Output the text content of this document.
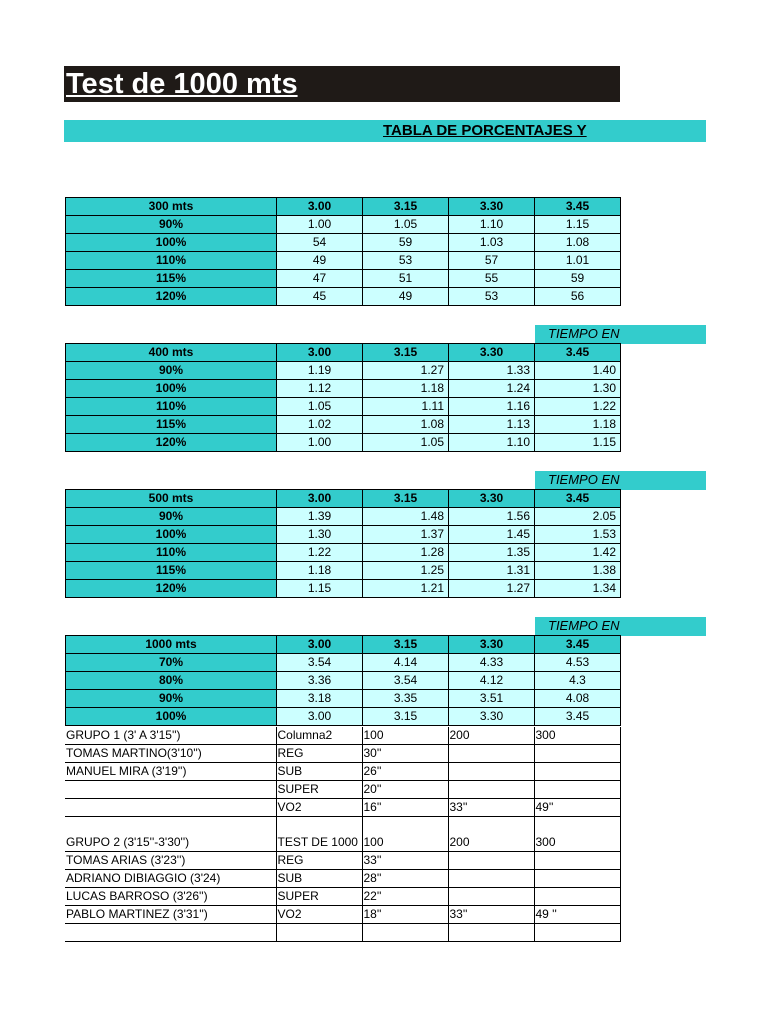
Test de 1000 mts
TABLA DE PORCENTAJES Y
TIEMPO EN
TIEMPO EN
TIEMPO EN
300 mts	3.00	3.15	3.30	3.45
90%	1.00	1.05	1.10	1.15
100%	54	59	1.03	1.08
110%	49	53	57	1.01
115%	47	51	55	59
120%	45	49	53	56
400 mts	3.00	3.15	3.30	3.45
90%	1.19	1.27	1.33	1.40
100%	1.12	1.18	1.24	1.30
110%	1.05	1.11	1.16	1.22
115%	1.02	1.08	1.13	1.18
120%	1.00	1.05	1.10	1.15
500 mts	3.00	3.15	3.30	3.45
90%	1.39	1.48	1.56	2.05
100%	1.30	1.37	1.45	1.53
110%	1.22	1.28	1.35	1.42
115%	1.18	1.25	1.31	1.38
120%	1.15	1.21	1.27	1.34
1000 mts	3.00	3.15	3.30	3.45
70%	3.54	4.14	4.33	4.53
80%	3.36	3.54	4.12	4.3
90%	3.18	3.35	3.51	4.08
100%	3.00	3.15	3.30	3.45
GRUPO 1 (3' A 3'15'')	Columna2	100	200	300
TOMAS MARTINO(3'10'')	REG	30''		
MANUEL MIRA (3'19'')	SUB	26''		
	SUPER	20''		
	VO2	16''	33''	49''

GRUPO 2 (3'15''-3'30'')	TEST DE 1000	100	200	300
TOMAS ARIAS (3'23'')	REG	33''		
ADRIANO DIBIAGGIO (3'24)	SUB	28''		
LUCAS BARROSO (3'26'')	SUPER	22''		
PABLO MARTINEZ (3'31'')	VO2	18''	33''	49 ''
